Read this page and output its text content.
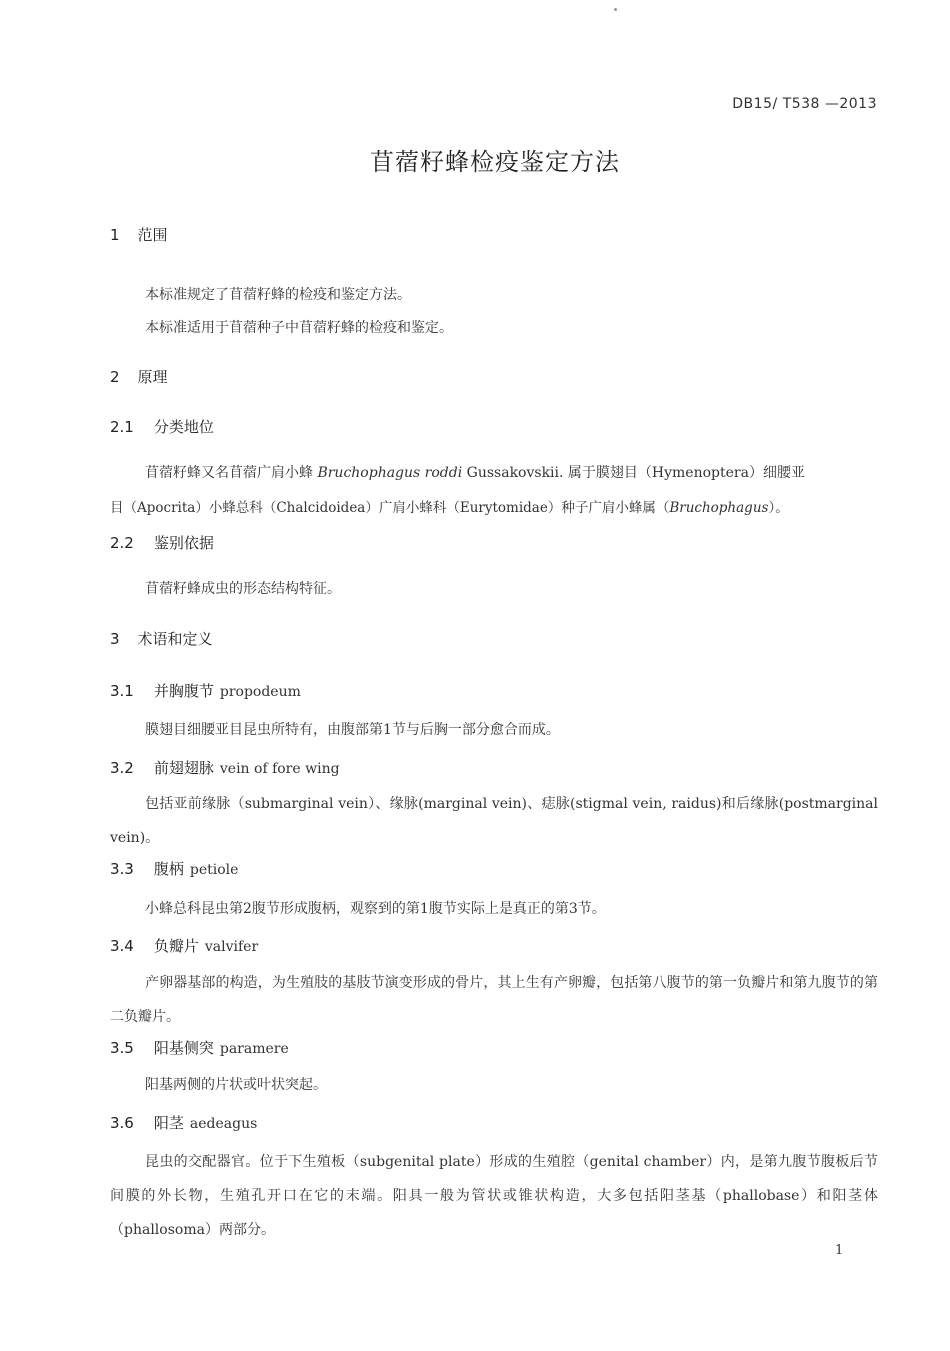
DB15/ T538 —2013
苜蓿籽蜂检疫鉴定方法
1 范围
本标准规定了苜蓿籽蜂的检疫和鉴定方法。
本标准适用于苜蓿种子中苜蓿籽蜂的检疫和鉴定。
2 原理
2.1 分类地位
苜蓿籽蜂又名苜蓿广肩小蜂 Bruchophagus roddi Gussakovskii. 属于膜翅目（Hymenoptera）细腰亚
目（Apocrita）小蜂总科（Chalcidoidea）广肩小蜂科（Eurytomidae）种子广肩小蜂属（Bruchophagus）。
2.2 鉴别依据
苜蓿籽蜂成虫的形态结构特征。
3 术语和定义
3.1 并胸腹节 propodeum
膜翅目细腰亚目昆虫所特有，由腹部第1节与后胸一部分愈合而成。
3.2 前翅翅脉 vein of fore wing
包括亚前缘脉（submarginal vein）、缘脉(marginal vein)、痣脉(stigmal vein, raidus)和后缘脉(postmarginal vein)。
3.3 腹柄 petiole
小蜂总科昆虫第2腹节形成腹柄，观察到的第1腹节实际上是真正的第3节。
3.4 负瓣片 valvifer
产卵器基部的构造，为生殖肢的基肢节演变形成的骨片，其上生有产卵瓣，包括第八腹节的第一负瓣片和第九腹节的第二负瓣片。
3.5 阳基侧突 paramere
阳基两侧的片状或叶状突起。
3.6 阳茎 aedeagus
昆虫的交配器官。位于下生殖板（subgenital plate）形成的生殖腔（genital chamber）内，是第九腹节腹板后节间膜的外长物，生殖孔开口在它的末端。阳具一般为管状或锥状构造，大多包括阳茎基（phallobase）和阳茎体（phallosoma）两部分。
1
